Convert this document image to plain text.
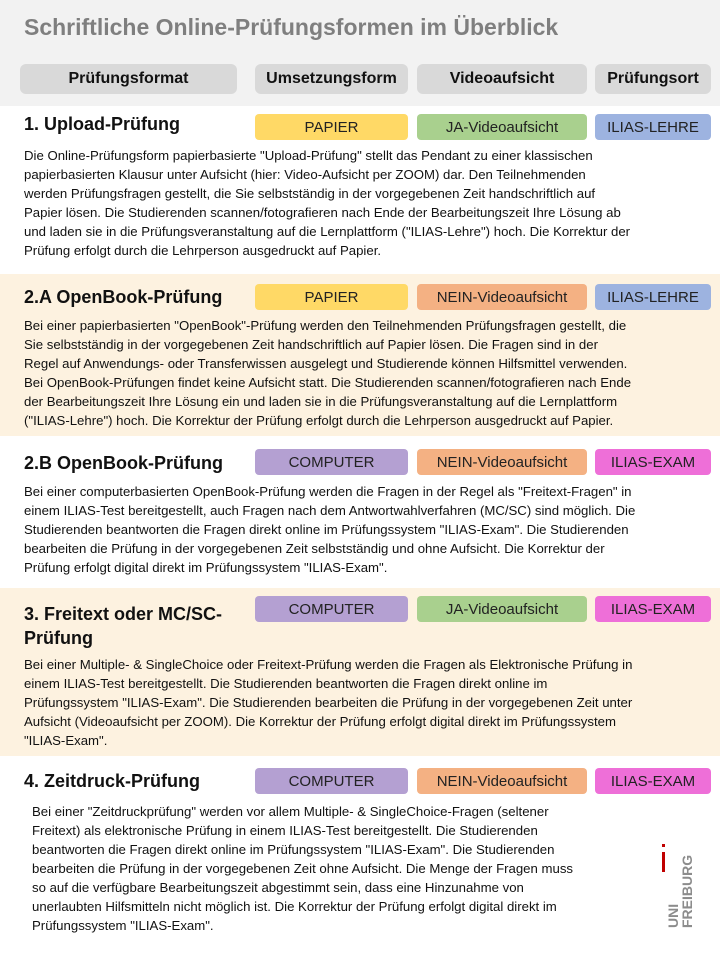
Schriftliche Online-Prüfungsformen im Überblick
Prüfungsformat	Umsetzungsform	Videoaufsicht	Prüfungsort
1. Upload-Prüfung	PAPIER	JA-Videoaufsicht	ILIAS-LEHRE
Die Online-Prüfungsform papierbasierte "Upload-Prüfung" stellt das Pendant zu einer klassischen
papierbasierten Klausur unter Aufsicht (hier: Video-Aufsicht per ZOOM) dar. Den Teilnehmenden
werden Prüfungsfragen gestellt, die Sie selbstständig in der vorgegebenen Zeit handschriftlich auf
Papier lösen. Die Studierenden scannen/fotografieren nach Ende der Bearbeitungszeit Ihre Lösung ab
und laden sie in die Prüfungsveranstaltung auf die Lernplattform ("ILIAS-Lehre") hoch. Die Korrektur der
Prüfung erfolgt durch die Lehrperson ausgedruckt auf Papier.
2.A OpenBook-Prüfung	PAPIER	NEIN-Videoaufsicht	ILIAS-LEHRE
Bei einer papierbasierten "OpenBook"-Prüfung werden den Teilnehmenden Prüfungsfragen gestellt, die
Sie selbstständig in der vorgegebenen Zeit handschriftlich auf Papier lösen. Die Fragen sind in der
Regel auf Anwendungs- oder Transferwissen ausgelegt und Studierende können Hilfsmittel verwenden.
Bei OpenBook-Prüfungen findet keine Aufsicht statt. Die Studierenden scannen/fotografieren nach Ende
der Bearbeitungszeit Ihre Lösung ein und laden sie in die Prüfungsveranstaltung auf die Lernplattform
("ILIAS-Lehre") hoch. Die Korrektur der Prüfung erfolgt durch die Lehrperson ausgedruckt auf Papier.
2.B OpenBook-Prüfung	COMPUTER	NEIN-Videoaufsicht	ILIAS-EXAM
Bei einer computerbasierten OpenBook-Prüfung werden die Fragen in der Regel als "Freitext-Fragen" in
einem ILIAS-Test bereitgestellt, auch Fragen nach dem Antwortwahlverfahren (MC/SC) sind möglich. Die
Studierenden beantworten die Fragen direkt online im Prüfungssystem "ILIAS-Exam". Die Studierenden
bearbeiten die Prüfung in der vorgegebenen Zeit selbstständig und ohne Aufsicht. Die Korrektur der
Prüfung erfolgt digital direkt im Prüfungssystem "ILIAS-Exam".
3. Freitext oder MC/SC-Prüfung
COMPUTER	JA-Videoaufsicht	ILIAS-EXAM
Bei einer Multiple- & SingleChoice oder Freitext-Prüfung werden die Fragen als Elektronische Prüfung in
einem ILIAS-Test bereitgestellt. Die Studierenden beantworten die Fragen direkt online im
Prüfungssystem "ILIAS-Exam". Die Studierenden bearbeiten die Prüfung in der vorgegebenen Zeit unter
Aufsicht (Videoaufsicht per ZOOM). Die Korrektur der Prüfung erfolgt digital direkt im Prüfungssystem
"ILIAS-Exam".
4. Zeitdruck-Prüfung	COMPUTER	NEIN-Videoaufsicht	ILIAS-EXAM
Bei einer "Zeitdruckprüfung" werden vor allem Multiple- & SingleChoice-Fragen (seltener
Freitext) als elektronische Prüfung in einem ILIAS-Test bereitgestellt. Die Studierenden
beantworten die Fragen direkt online im Prüfungssystem "ILIAS-Exam". Die Studierenden
bearbeiten die Prüfung in der vorgegebenen Zeit ohne Aufsicht. Die Menge der Fragen muss
so auf die verfügbare Bearbeitungszeit abgestimmt sein, dass eine Hinzunahme von
unerlaubten Hilfsmitteln nicht möglich ist. Die Korrektur der Prüfung erfolgt digital direkt im
Prüfungssystem "ILIAS-Exam".	UNI
FREIBURG
